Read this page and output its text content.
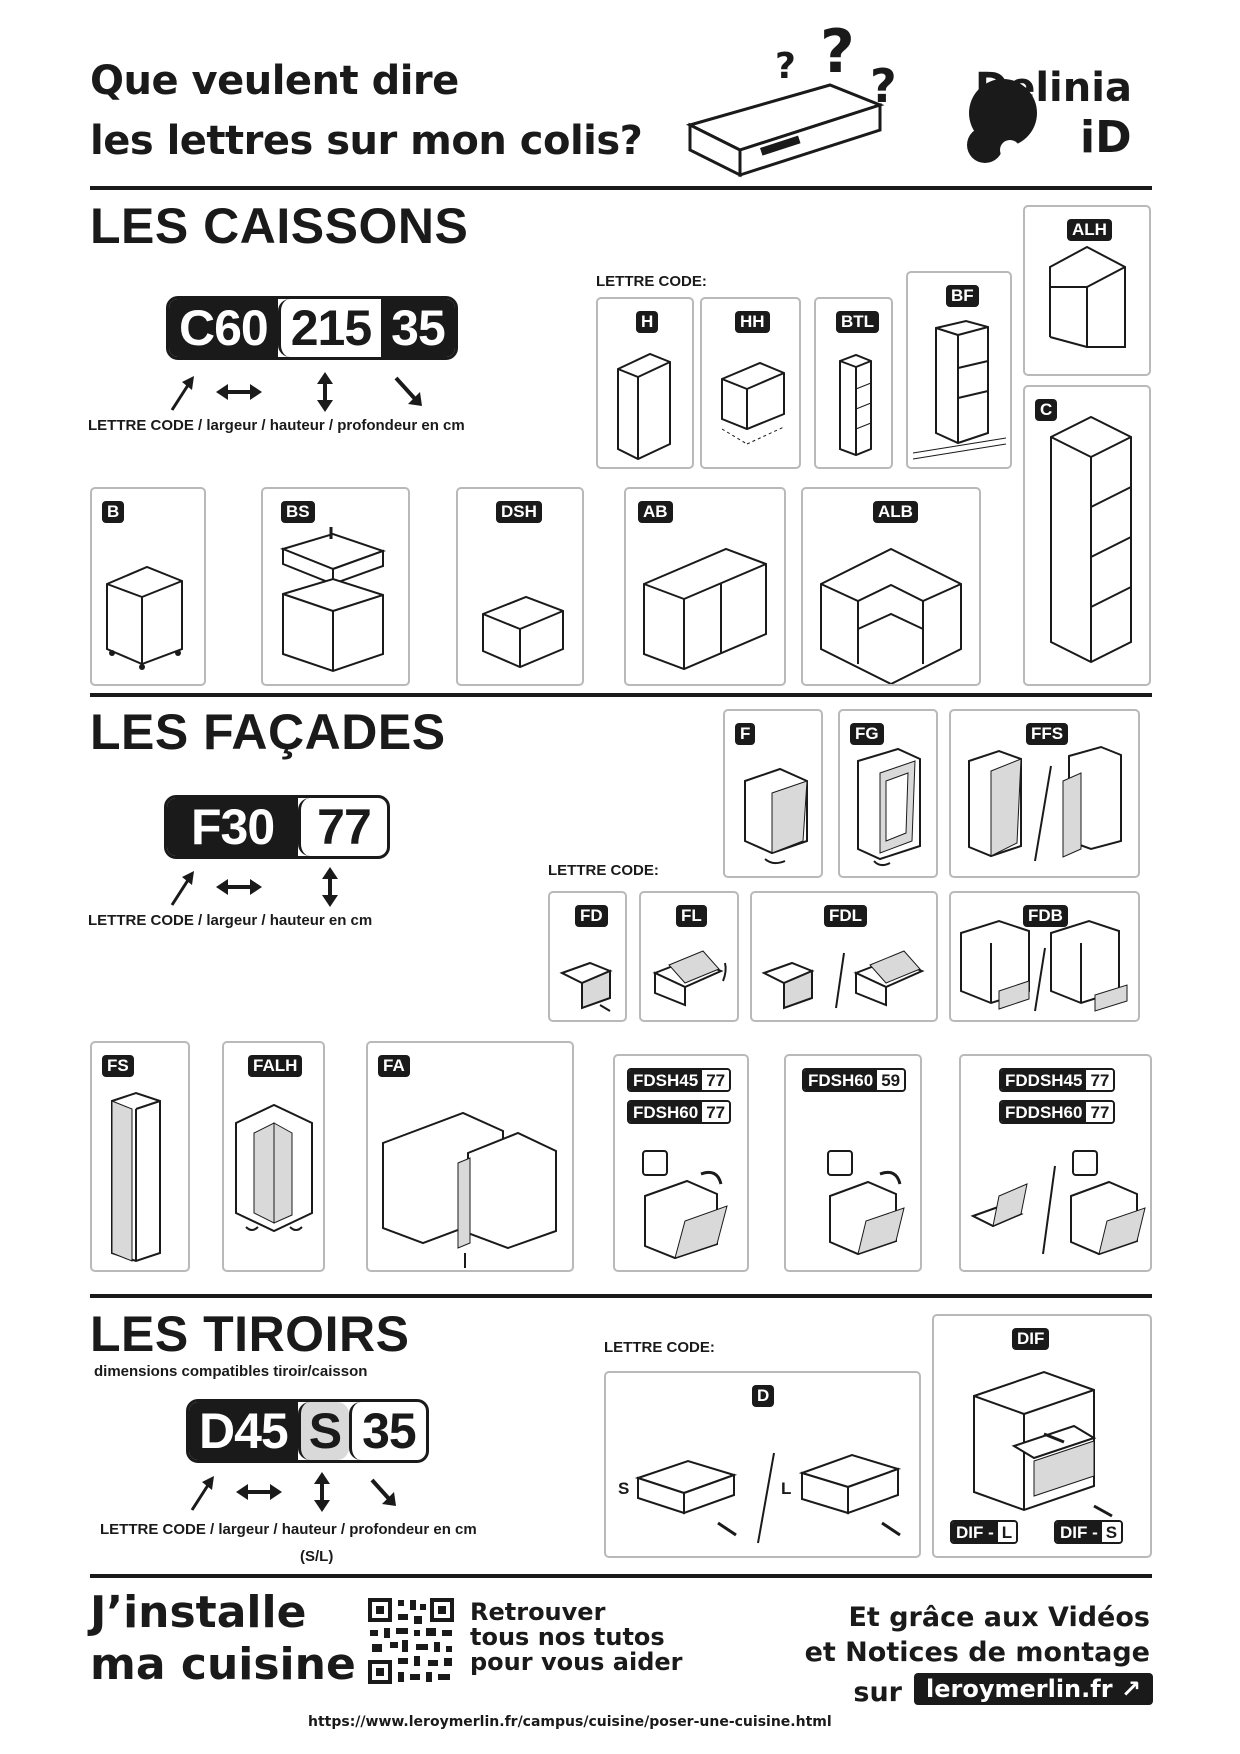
Que veulent dire
les lettres sur mon colis?
?
? ? Delinia
iD
LES CAISSONS
C60 215 35
LETTRE CODE / largeur / hauteur / profondeur en cm
LETTRE CODE:
ALH
H	HH	BTL
BF
C
B	BS	DSH	AB	ALB
LES FAÇADES
F30 77
LETTRE CODE / largeur / hauteur en cm
LETTRE CODE:
F	FG	FFS
FD	FL	FDL	FDB
FS	FALH	FA
FDSH45 77
FDSH60 77
FDSH60 59	FDDSH45 77
FDDSH60 77
LES TIROIRS
dimensions compatibles tiroir/caisson
D45 S 35
LETTRE CODE / largeur / hauteur / profondeur en cm
(S/L)
LETTRE CODE:
D
S	L
DIF
DIF - L	DIF - S
J’installe
ma cuisine
Retrouver
tous nos tutos
pour vous aider
Et grâce aux Vidéos
et Notices de montage
sur	leroymerlin.fr ↗
https://www.leroymerlin.fr/campus/cuisine/poser-une-cuisine.html
